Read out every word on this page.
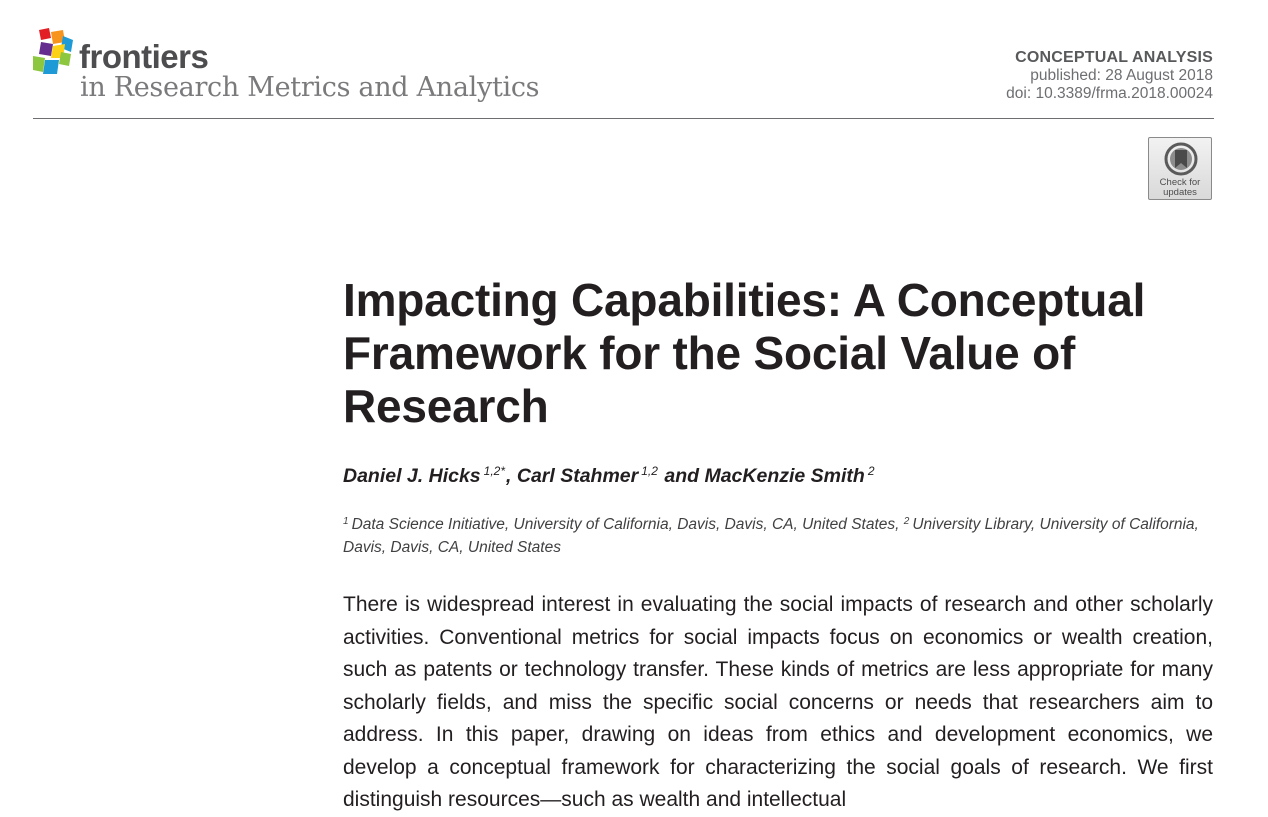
frontiers
in Research Metrics and Analytics
CONCEPTUAL ANALYSIS
published: 28 August 2018
doi: 10.3389/frma.2018.00024
Check for
updates
Impacting Capabilities: A Conceptual Framework for the Social Value of Research
Daniel J. Hicks $^{1,2*}$, Carl Stahmer $^{1,2}$ and MacKenzie Smith $^2$
$^1$ Data Science Initiative, University of California, Davis, Davis, CA, United States, $^2$ University Library, University of California, Davis, Davis, CA, United States

There is widespread interest in evaluating the social impacts of research and other scholarly activities. Conventional metrics for social impacts focus on economics or wealth creation, such as patents or technology transfer. These kinds of metrics are less appropriate for many scholarly fields, and miss the specific social concerns or needs that researchers aim to address. In this paper, drawing on ideas from ethics and development economics, we develop a conceptual framework for characterizing the social goals of research. We first distinguish resources—such as wealth and intellectual
